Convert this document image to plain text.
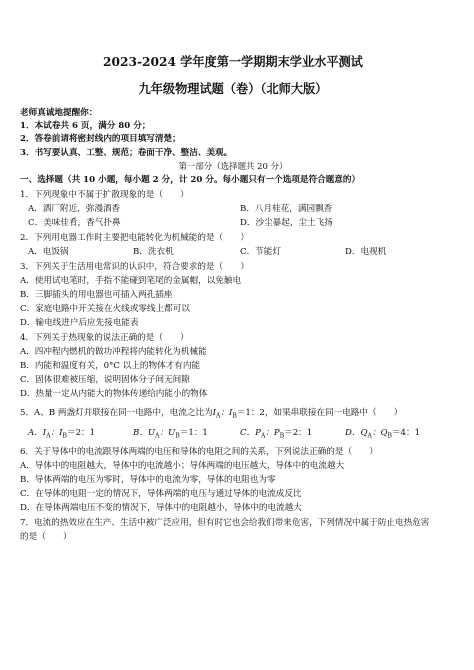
2023-2024 学年度第一学期期末学业水平测试
九年级物理试题（卷）（北师大版）
老师真诚地提醒你：
1．本试卷共 6 页，满分 80 分；
2．答卷前请将密封线内的项目填写清楚；
3．书写要认真、工整、规范；卷面干净、整洁、美观。
第一部分（选择题共 20 分）
一、选择题（共 10 小题，每小题 2 分，计 20 分。每小题只有一个选项是符合题意的）
1．下列现象中不属于扩散现象的是（　　）
A．酒厂附近，弥漫酒香	B．八月桂花，满园飘香
C．美味佳肴，香气扑鼻	D．沙尘暴起，尘土飞扬
2．下列用电器工作时主要把电能转化为机械能的是（　　）
A．电饭锅	B．洗衣机	C．节能灯	D．电视机
3．下列关于生活用电常识的认识中，符合要求的是（　　）
A．使用试电笔时，手指不能碰到笔尾的金属帽，以免触电
B．三脚插头的用电器也可插入两孔插座
C．家庭电路中开关接在火线或零线上都可以
D．输电线进户后应先接电能表
4．下列关于热现象的说法正确的是（　　）
A．四冲程内燃机的做功冲程将内能转化为机械能
B．内能和温度有关，0°C 以上的物体才有内能
C．固体很难被压缩，说明固体分子间无间隙
D．热量一定从内能大的物体传递给内能小的物体
5．A、B 两盏灯并联接在同一电路中，电流之比为$I_A$：$I_B=1$：2，如果串联接在同一电路中（　　）
A．$I_A$：$I_B=2$：1	B．$U_A$：$U_B=1$：1	C．$P_A$：$P_B=2$：1	D．$Q_A$：$Q_B=4$：1
6．关于导体中的电流跟导体两端的电压和导体的电阻之间的关系，下列说法正确的是（　　）
A．导体中的电阻越大，导体中的电流越小；导体两端的电压越大，导体中的电流越大
B．导体两端的电压为零时，导体中的电流为零，导体的电阻也为零
C．在导体的电阻一定的情况下，导体两端的电压与通过导体的电流成反比
D．在导体两端电压不变的情况下，导体中的电阻越小，导体中的电流越大
7．电流的热效应在生产、生活中被广泛应用，但有时它也会给我们带来危害，下列情况中属于防止电热危害
的是（　　）
